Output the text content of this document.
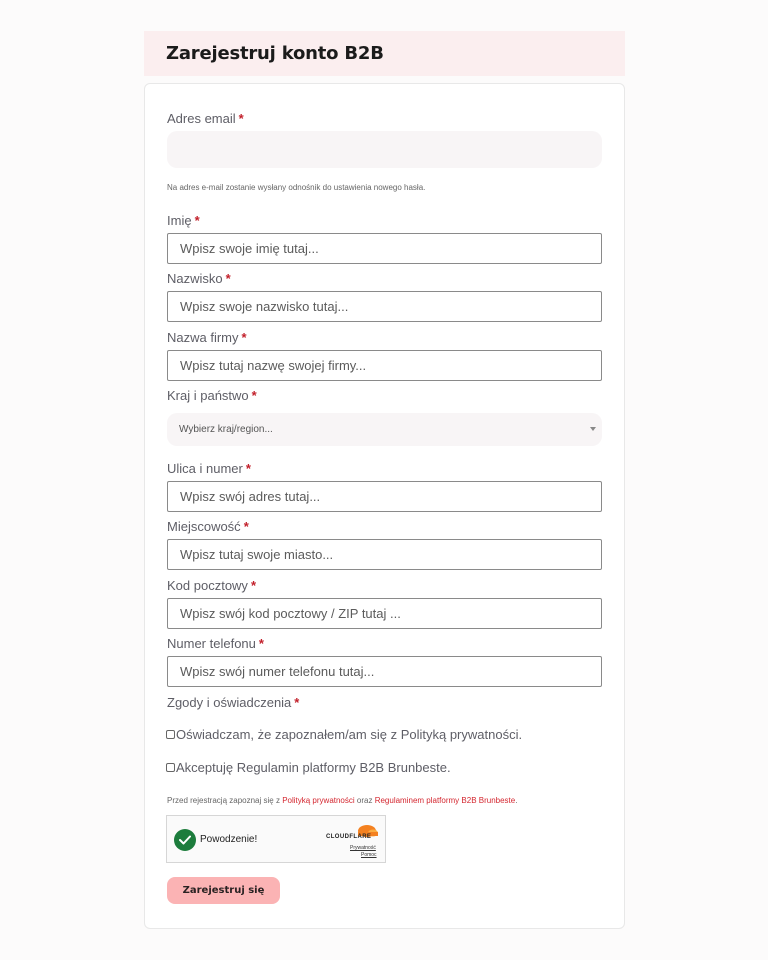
Zarejestruj konto B2B
Adres email *
Na adres e-mail zostanie wysłany odnośnik do ustawienia nowego hasła.
Imię *
Wpisz swoje imię tutaj...
Nazwisko *
Wpisz swoje nazwisko tutaj...
Nazwa firmy *
Wpisz tutaj nazwę swojej firmy...
Kraj i państwo *
Wybierz kraj/region...
Ulica i numer *
Wpisz swój adres tutaj...
Miejscowość *
Wpisz tutaj swoje miasto...
Kod pocztowy *
Wpisz swój kod pocztowy / ZIP tutaj ...
Numer telefonu *
Wpisz swój numer telefonu tutaj...
Zgody i oświadczenia *
Oświadczam, że zapoznałem/am się z Polityką prywatności.
Akceptuję Regulamin platformy B2B Brunbeste.
Przed rejestracją zapoznaj się z Polityką prywatności oraz Regulaminem platformy B2B Brunbeste.
Powodzenie!	CLOUDFLARE
Prywatność
Pomoc
Zarejestruj się
